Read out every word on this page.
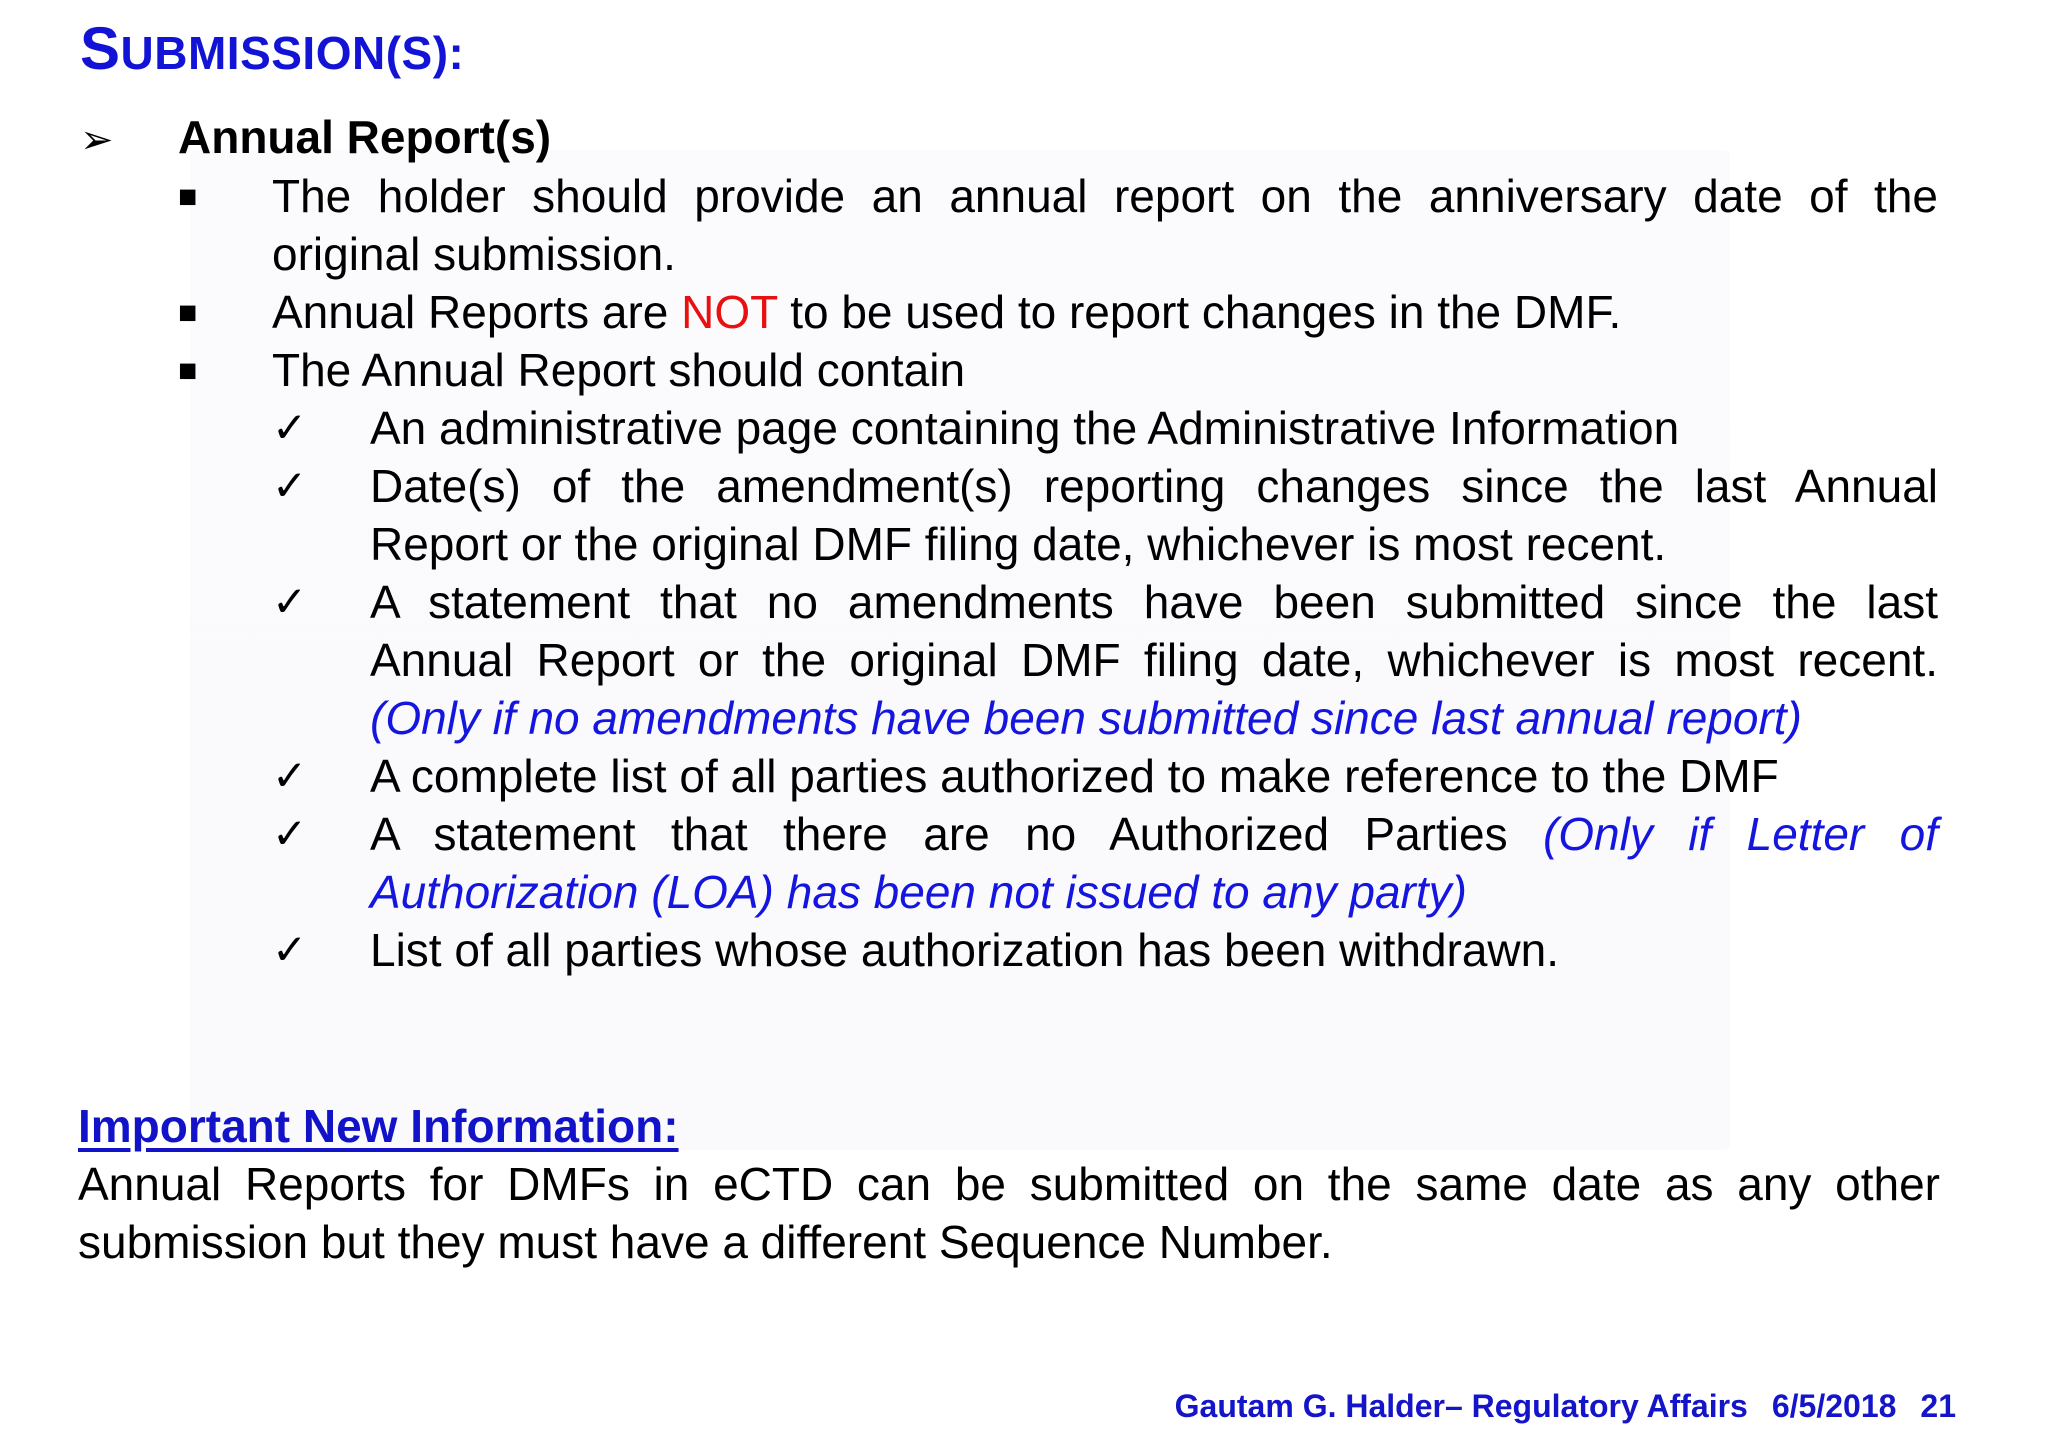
SUBMISSION(S):
➢ Annual Report(s)
■ The holder should provide an annual report on the anniversary date of the
original submission.
■ Annual Reports are NOT to be used to report changes in the DMF.
■ The Annual Report should contain
✓ An administrative page containing the Administrative Information
✓ Date(s) of the amendment(s) reporting changes since the last Annual
Report or the original DMF filing date, whichever is most recent.
✓ A statement that no amendments have been submitted since the last
Annual Report or the original DMF filing date, whichever is most recent.
(Only if no amendments have been submitted since last annual report)
✓ A complete list of all parties authorized to make reference to the DMF
✓ A statement that there are no Authorized Parties (Only if Letter of
Authorization (LOA) has been not issued to any party)
✓ List of all parties whose authorization has been withdrawn.
Important New Information:
Annual Reports for DMFs in eCTD can be submitted on the same date as any other submission but they must have a different Sequence Number.
Gautam G. Halder– Regulatory Affairs 6/5/2018 21
